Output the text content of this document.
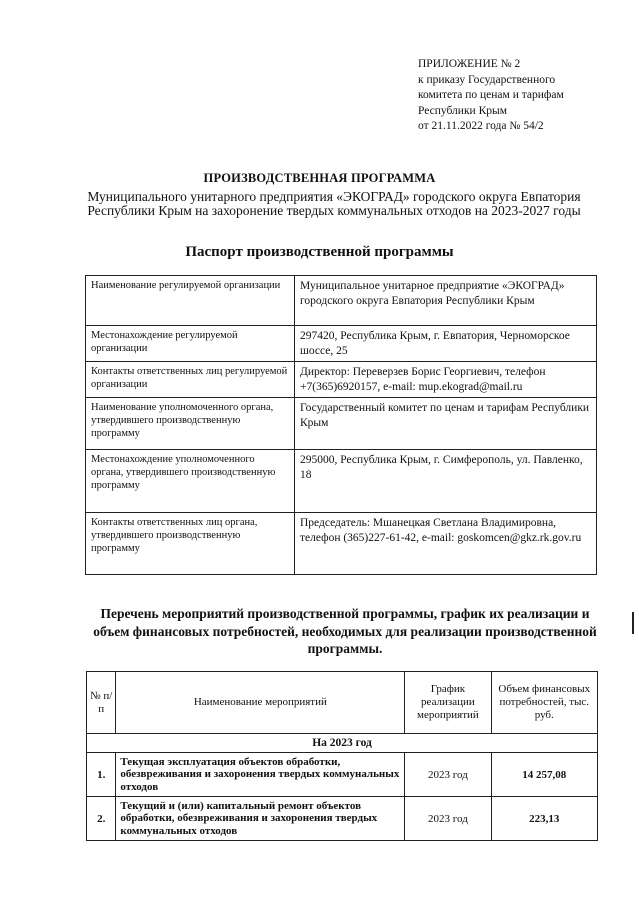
ПРИЛОЖЕНИЕ № 2
к приказу Государственного
комитета по ценам и тарифам
Республики Крым
от 21.11.2022 года № 54/2
ПРОИЗВОДСТВЕННАЯ ПРОГРАММА
Муниципального унитарного предприятия «ЭКОГРАД» городского округа Евпатория Республики Крым на захоронение твердых коммунальных отходов на 2023-2027 годы
Паспорт производственной программы
Наименование регулируемой организации	Муниципальное унитарное предприятие «ЭКОГРАД» городского округа Евпатория Республики Крым
Местонахождение регулируемой организации	297420, Республика Крым, г. Евпатория, Черноморское шоссе, 25
Контакты ответственных лиц регулируемой организации	Директор: Переверзев Борис Георгиевич, телефон +7(365)6920157, e-mail: mup.ekograd@mail.ru
Наименование уполномоченного органа, утвердившего производственную программу	Государственный комитет по ценам и тарифам Республики Крым
Местонахождение уполномоченного органа, утвердившего производственную программу	295000, Республика Крым, г. Симферополь, ул. Павленко, 18
Контакты ответственных лиц органа, утвердившего производственную программу	Председатель: Мшанецкая Светлана Владимировна, телефон (365)227-61-42, e-mail: goskomcen@gkz.rk.gov.ru
Перечень мероприятий производственной программы, график их реализации и объем финансовых потребностей, необходимых для реализации производственной программы.
№ п/п	Наименование мероприятий	График реализации мероприятий	Объем финансовых потребностей, тыс. руб.
На 2023 год			
1.	Текущая эксплуатация объектов обработки, обезвреживания и захоронения твердых коммунальных отходов	2023 год	14 257,08
2.	Текущий и (или) капитальный ремонт объектов обработки, обезвреживания и захоронения твердых коммунальных отходов	2023 год	223,13
